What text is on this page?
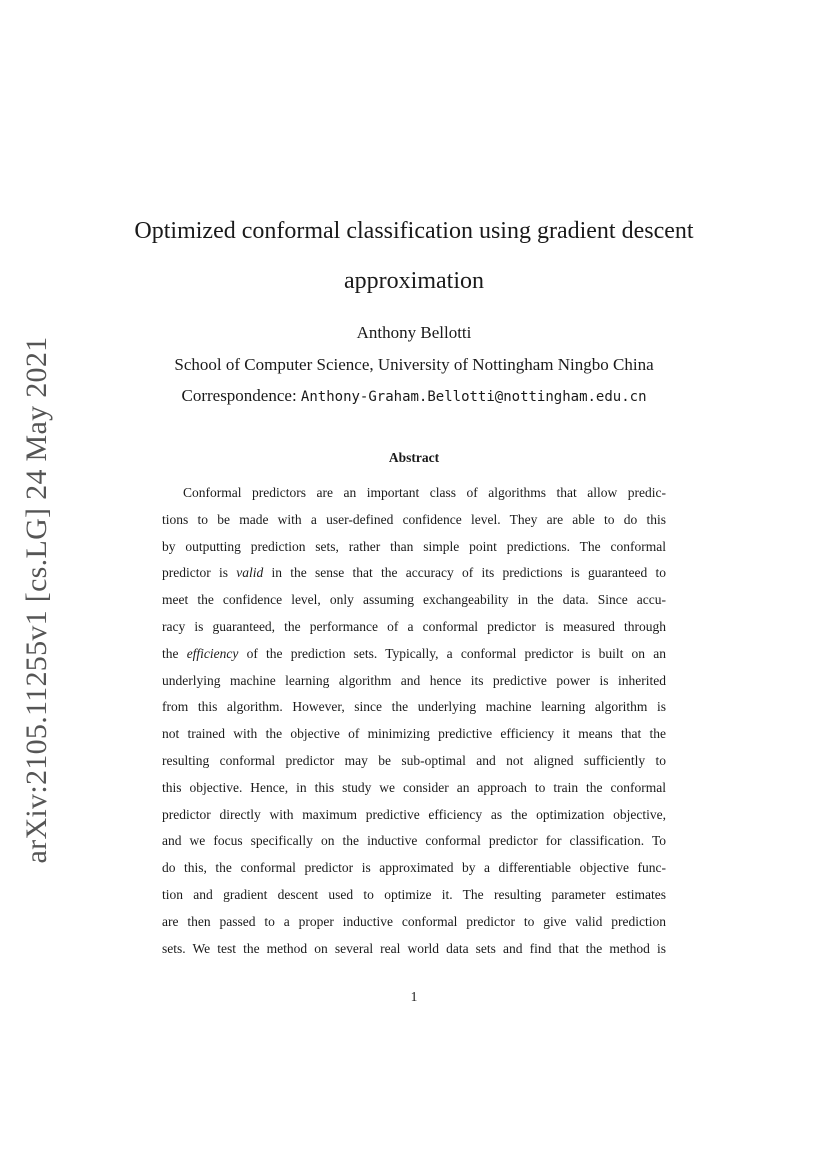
arXiv:2105.11255v1 [cs.LG] 24 May 2021
Optimized conformal classification using gradient descent
approximation
Anthony Bellotti
School of Computer Science, University of Nottingham Ningbo China
Correspondence: Anthony-Graham.Bellotti@nottingham.edu.cn
Abstract
Conformal predictors are an important class of algorithms that allow predic-
tions to be made with a user-defined confidence level. They are able to do this
by outputting prediction sets, rather than simple point predictions. The conformal
predictor is valid in the sense that the accuracy of its predictions is guaranteed to
meet the confidence level, only assuming exchangeability in the data. Since accu-
racy is guaranteed, the performance of a conformal predictor is measured through
the efficiency of the prediction sets. Typically, a conformal predictor is built on an
underlying machine learning algorithm and hence its predictive power is inherited
from this algorithm. However, since the underlying machine learning algorithm is
not trained with the objective of minimizing predictive efficiency it means that the
resulting conformal predictor may be sub-optimal and not aligned sufficiently to
this objective. Hence, in this study we consider an approach to train the conformal
predictor directly with maximum predictive efficiency as the optimization objective,
and we focus specifically on the inductive conformal predictor for classification. To
do this, the conformal predictor is approximated by a differentiable objective func-
tion and gradient descent used to optimize it. The resulting parameter estimates
are then passed to a proper inductive conformal predictor to give valid prediction
sets. We test the method on several real world data sets and find that the method is
1
